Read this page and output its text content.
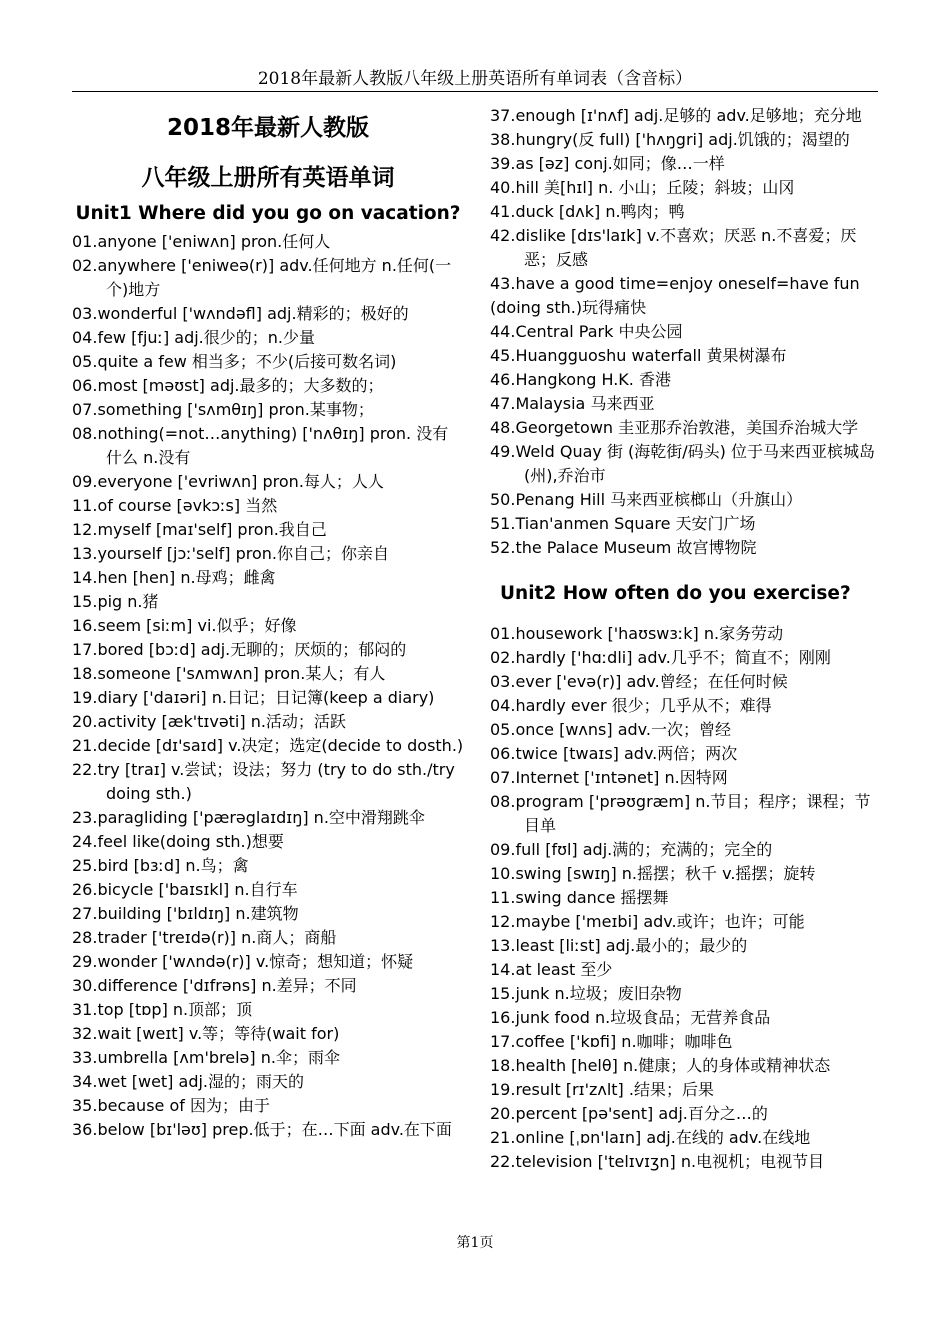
2018年最新人教版八年级上册英语所有单词表（含音标）
2018年最新人教版
八年级上册所有英语单词
Unit1 Where did you go on vacation?
01.anyone ['eniwʌn] pron.任何人
02.anywhere ['eniweə(r)] adv.任何地方 n.任何(一个)地方
03.wonderful ['wʌndəfl] adj.精彩的；极好的
04.few [fjuː] adj.很少的；n.少量
05.quite a few 相当多；不少(后接可数名词)
06.most [məʊst] adj.最多的；大多数的；
07.something ['sʌmθɪŋ] pron.某事物；
08.nothing(=not…anything) ['nʌθɪŋ] pron. 没有什么 n.没有
09.everyone ['evriwʌn] pron.每人；人人
11.of course [əvkɔːs] 当然
12.myself [maɪ'self] pron.我自己
13.yourself [jɔː'self] pron.你自己；你亲自
14.hen [hen] n.母鸡；雌禽
15.pig n.猪
16.seem [siːm] vi.似乎；好像
17.bored [bɔːd] adj.无聊的；厌烦的；郁闷的
18.someone ['sʌmwʌn] pron.某人；有人
19.diary ['daɪəri] n.日记；日记簿(keep a diary)
20.activity [æk'tɪvəti] n.活动；活跃
21.decide [dɪ'saɪd] v.决定；选定(decide to dosth.)
22.try [traɪ] v.尝试；设法；努力 (try to do sth./try doing sth.)
23.paragliding ['pærəglaɪdɪŋ] n.空中滑翔跳伞
24.feel like(doing sth.)想要
25.bird [bɜːd] n.鸟；禽
26.bicycle ['baɪsɪkl] n.自行车
27.building ['bɪldɪŋ] n.建筑物
28.trader ['treɪdə(r)] n.商人；商船
29.wonder ['wʌndə(r)] v.惊奇；想知道；怀疑
30.difference ['dɪfrəns] n.差异；不同
31.top [tɒp] n.顶部；顶
32.wait [weɪt] v.等；等待(wait for)
33.umbrella [ʌm'brelə] n.伞；雨伞
34.wet [wet] adj.湿的；雨天的
35.because of 因为；由于
36.below [bɪ'ləʊ] prep.低于；在…下面 adv.在下面
37.enough [ɪ'nʌf] adj.足够的 adv.足够地；充分地
38.hungry(反 full) ['hʌŋgri] adj.饥饿的；渴望的
39.as [əz] conj.如同；像…一样
40.hill 美[hɪl] n. 小山；丘陵；斜坡；山冈
41.duck [dʌk] n.鸭肉；鸭
42.dislike [dɪs'laɪk] v.不喜欢；厌恶 n.不喜爱；厌恶；反感
43.have a good time=enjoy oneself=have fun
(doing sth.)玩得痛快
44.Central Park 中央公园
45.Huangguoshu waterfall 黄果树瀑布
46.Hangkong H.K. 香港
47.Malaysia 马来西亚
48.Georgetown 圭亚那乔治敦港，美国乔治城大学
49.Weld Quay 街 (海乾街/码头) 位于马来西亚槟城岛(州),乔治市
50.Penang Hill 马来西亚槟榔山（升旗山）
51.Tian'anmen Square 天安门广场
52.the Palace Museum 故宫博物院
Unit2 How often do you exercise?
01.housework ['haʊswɜːk] n.家务劳动
02.hardly ['hɑːdli] adv.几乎不；简直不；刚刚
03.ever ['evə(r)] adv.曾经；在任何时候
04.hardly ever 很少；几乎从不；难得
05.once [wʌns] adv.一次；曾经
06.twice [twaɪs] adv.两倍；两次
07.Internet ['ɪntənet] n.因特网
08.program ['prəʊgræm] n.节目；程序；课程；节目单
09.full [fʊl] adj.满的；充满的；完全的
10.swing [swɪŋ] n.摇摆；秋千 v.摇摆；旋转
11.swing dance 摇摆舞
12.maybe ['meɪbi] adv.或许；也许；可能
13.least [liːst] adj.最小的；最少的
14.at least 至少
15.junk n.垃圾；废旧杂物
16.junk food n.垃圾食品；无营养食品
17.coffee ['kɒfi] n.咖啡；咖啡色
18.health [helθ] n.健康；人的身体或精神状态
19.result [rɪ'zʌlt] .结果；后果
20.percent [pə'sent] adj.百分之…的
21.online [ˌɒn'laɪn] adj.在线的 adv.在线地
22.television ['telɪvɪʒn] n.电视机；电视节目
第1页
